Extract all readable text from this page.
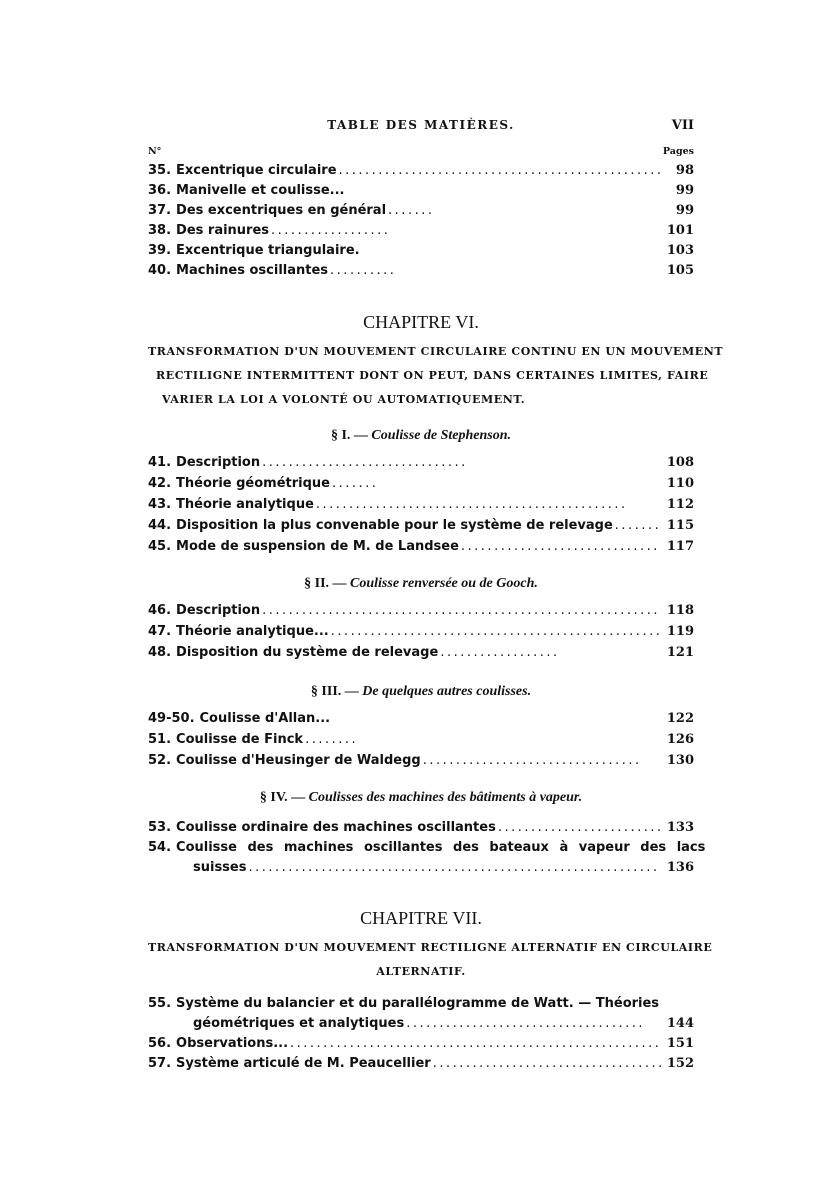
TABLE DES MATIÈRES.	VII
N°	Pages
35. Excentrique circulaire .....	98
36. Manivelle et coulisse...	99
37. Des excentriques en général .....	99
38. Des rainures .....	101
39. Excentrique triangulaire.	103
40. Machines oscillantes .....	105
CHAPITRE VI.
TRANSFORMATION D'UN MOUVEMENT CIRCULAIRE CONTINU EN UN MOUVEMENT
RECTILIGNE INTERMITTENT DONT ON PEUT, DANS CERTAINES LIMITES, FAIRE
VARIER LA LOI A VOLONTÉ OU AUTOMATIQUEMENT.
§ I. — Coulisse de Stephenson.
41. Description .....	108
42. Théorie géométrique .....	110
43. Théorie analytique .....	112
44. Disposition la plus convenable pour le système de relevage .....	115
45. Mode de suspension de M. de Landsee .....	117
§ II. — Coulisse renversée ou de Gooch.
46. Description .....	118
47. Théorie analytique... .....	119
48. Disposition du système de relevage .....	121
§ III. — De quelques autres coulisses.
49-50. Coulisse d'Allan...	122
51. Coulisse de Finck .....	126
52. Coulisse d'Heusinger de Waldegg .....	130
§ IV. — Coulisses des machines des bâtiments à vapeur.
53. Coulisse ordinaire des machines oscillantes .....	133
54. Coulisse des machines oscillantes des bateaux à vapeur des lacs
suisses .....	136
CHAPITRE VII.
TRANSFORMATION D'UN MOUVEMENT RECTILIGNE ALTERNATIF EN CIRCULAIRE
ALTERNATIF.
55. Système du balancier et du parallélogramme de Watt. — Théories
géométriques et analytiques .....	144
56. Observations... .....	151
57. Système articulé de M. Peaucellier .....	152
